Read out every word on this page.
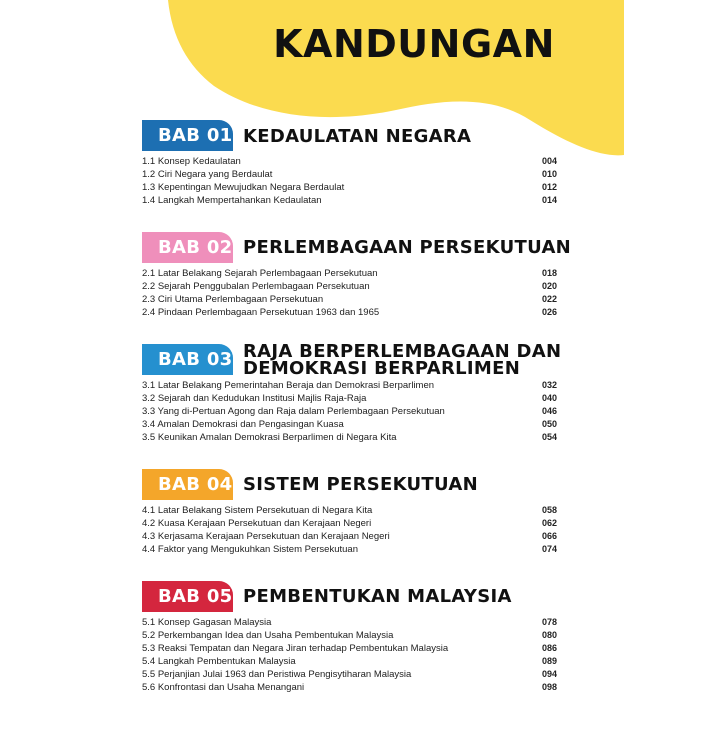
KANDUNGAN
BAB 01 KEDAULATAN NEGARA
1.1 Konsep Kedaulatan	004
1.2 Ciri Negara yang Berdaulat	010
1.3 Kepentingan Mewujudkan Negara Berdaulat	012
1.4 Langkah Mempertahankan Kedaulatan	014
BAB 02 PERLEMBAGAAN PERSEKUTUAN
2.1 Latar Belakang Sejarah Perlembagaan Persekutuan	018
2.2 Sejarah Penggubalan Perlembagaan Persekutuan	020
2.3 Ciri Utama Perlembagaan Persekutuan	022
2.4 Pindaan Perlembagaan Persekutuan 1963 dan 1965	026
BAB 03 RAJA BERPERLEMBAGAAN DAN
DEMOKRASI BERPARLIMEN
3.1 Latar Belakang Pemerintahan Beraja dan Demokrasi Berparlimen	032
3.2 Sejarah dan Kedudukan Institusi Majlis Raja-Raja	040
3.3 Yang di-Pertuan Agong dan Raja dalam Perlembagaan Persekutuan	046
3.4 Amalan Demokrasi dan Pengasingan Kuasa	050
3.5 Keunikan Amalan Demokrasi Berparlimen di Negara Kita	054
BAB 04 SISTEM PERSEKUTUAN
4.1 Latar Belakang Sistem Persekutuan di Negara Kita	058
4.2 Kuasa Kerajaan Persekutuan dan Kerajaan Negeri	062
4.3 Kerjasama Kerajaan Persekutuan dan Kerajaan Negeri	066
4.4 Faktor yang Mengukuhkan Sistem Persekutuan	074
BAB 05 PEMBENTUKAN MALAYSIA
5.1 Konsep Gagasan Malaysia	078
5.2 Perkembangan Idea dan Usaha Pembentukan Malaysia	080
5.3 Reaksi Tempatan dan Negara Jiran terhadap Pembentukan Malaysia	086
5.4 Langkah Pembentukan Malaysia	089
5.5 Perjanjian Julai 1963 dan Peristiwa Pengisytiharan Malaysia	094
5.6 Konfrontasi dan Usaha Menangani	098
